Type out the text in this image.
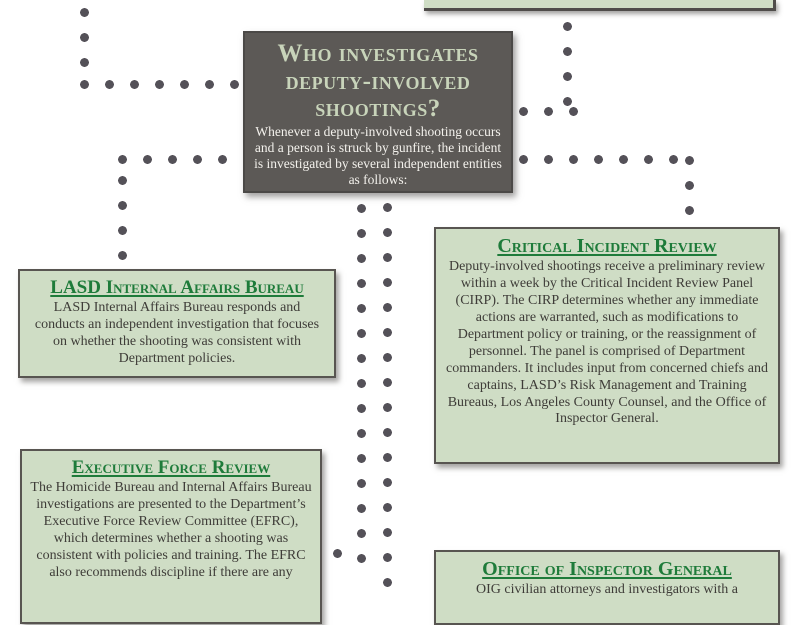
Who investigates deputy-involved shootings?

Whenever a deputy-involved shooting occurs and a person is struck by gunfire, the incident is investigated by several independent entities as follows:

LASD Internal Affairs Bureau

LASD Internal Affairs Bureau responds and conducts an independent investigation that focuses on whether the shooting was consistent with Department policies.

Critical Incident Review

Deputy-involved shootings receive a preliminary review within a week by the Critical Incident Review Panel (CIRP). The CIRP determines whether any immediate actions are warranted, such as modifications to Department policy or training, or the reassignment of personnel. The panel is comprised of Department commanders. It includes input from concerned chiefs and captains, LASD’s Risk Management and Training Bureaus, Los Angeles County Counsel, and the Office of Inspector General.

Executive Force Review

The Homicide Bureau and Internal Affairs Bureau investigations are presented to the Department’s Executive Force Review Committee (EFRC), which determines whether a shooting was consistent with policies and training. The EFRC also recommends discipline if there are any	Office of Inspector General

OIG civilian attorneys and investigators with a
